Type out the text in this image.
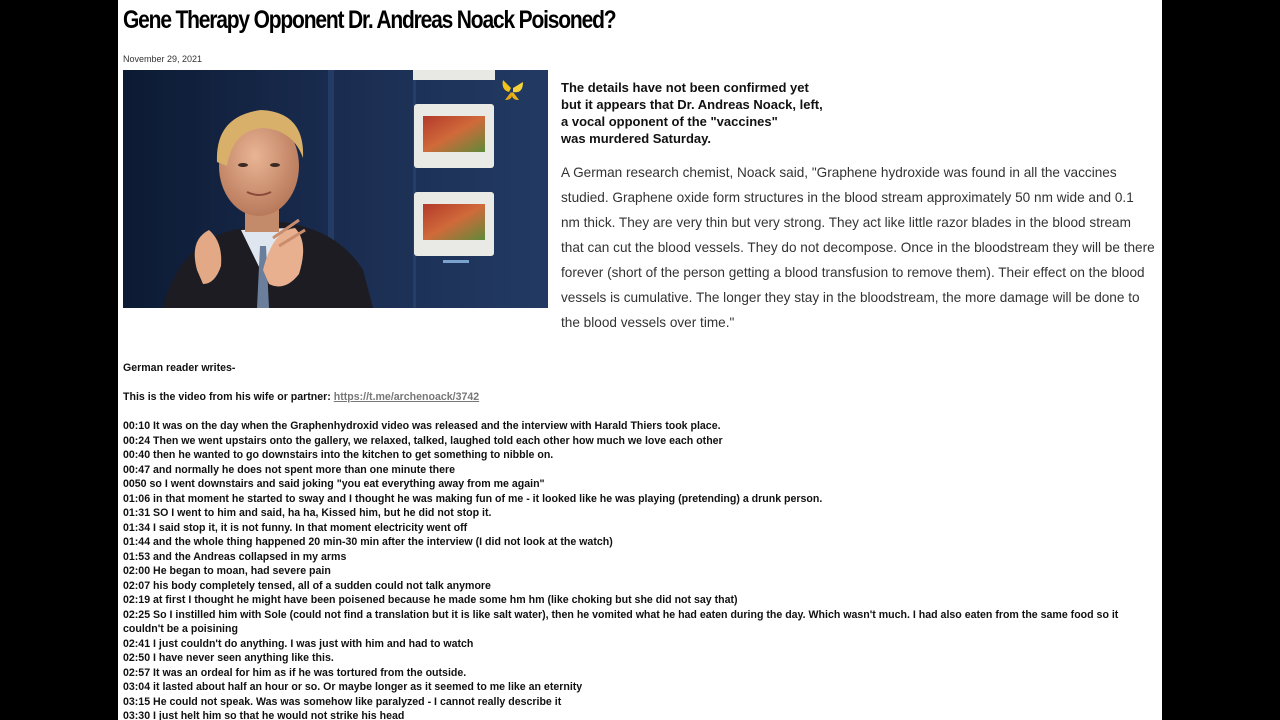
Gene Therapy Opponent Dr. Andreas Noack Poisoned?
November 29, 2021
The details have not been confirmed yet
but it appears that Dr. Andreas Noack, left,
a vocal opponent of the "vaccines"
was murdered Saturday.

A German research chemist, Noack said, "Graphene hydroxide was found in all the vaccines studied. Graphene oxide form structures in the blood stream approximately 50 nm wide and 0.1 nm thick. They are very thin but very strong. They act like little razor blades in the blood stream that can cut the blood vessels. They do not decompose. Once in the bloodstream they will be there forever (short of the person getting a blood transfusion to remove them). Their effect on the blood vessels is cumulative. The longer they stay in the bloodstream, the more damage will be done to the blood vessels over time."

German reader writes-
This is the video from his wife or partner: https://t.me/archenoack/3742
00:10 It was on the day when the Graphenhydroxid video was released and the interview with Harald Thiers took place.
00:24 Then we went upstairs onto the gallery, we relaxed, talked, laughed told each other how much we love each other
00:40 then he wanted to go downstairs into the kitchen to get something to nibble on.
00:47 and normally he does not spent more than one minute there
0050 so I went downstairs and said joking "you eat everything away from me again"
01:06 in that moment he started to sway and I thought he was making fun of me - it looked like he was playing (pretending) a drunk person.
01:31 SO I went to him and said, ha ha, Kissed him, but he did not stop it.
01:34 I said stop it, it is not funny. In that moment electricity went off
01:44 and the whole thing happened 20 min-30 min after the interview (I did not look at the watch)
01:53 and the Andreas collapsed in my arms
02:00 He began to moan, had severe pain
02:07 his body completely tensed, all of a sudden could not talk anymore
02:19 at first I thought he might have been poisened because he made some hm hm (like choking but she did not say that)
02:25 So I instilled him with Sole (could not find a translation but it is like salt water), then he vomited what he had eaten during the day. Which wasn't much. I had also eaten from the same food so it couldn't be a poisining
02:41 I just couldn't do anything. I was just with him and had to watch
02:50 I have never seen anything like this.
02:57 It was an ordeal for him as if he was tortured from the outside.
03:04 it lasted about half an hour or so. Or maybe longer as it seemed to me like an eternity
03:15 He could not speak. Was was somehow like paralyzed - I cannot really describe it
03:30 I just helt him so that he would not strike his head
